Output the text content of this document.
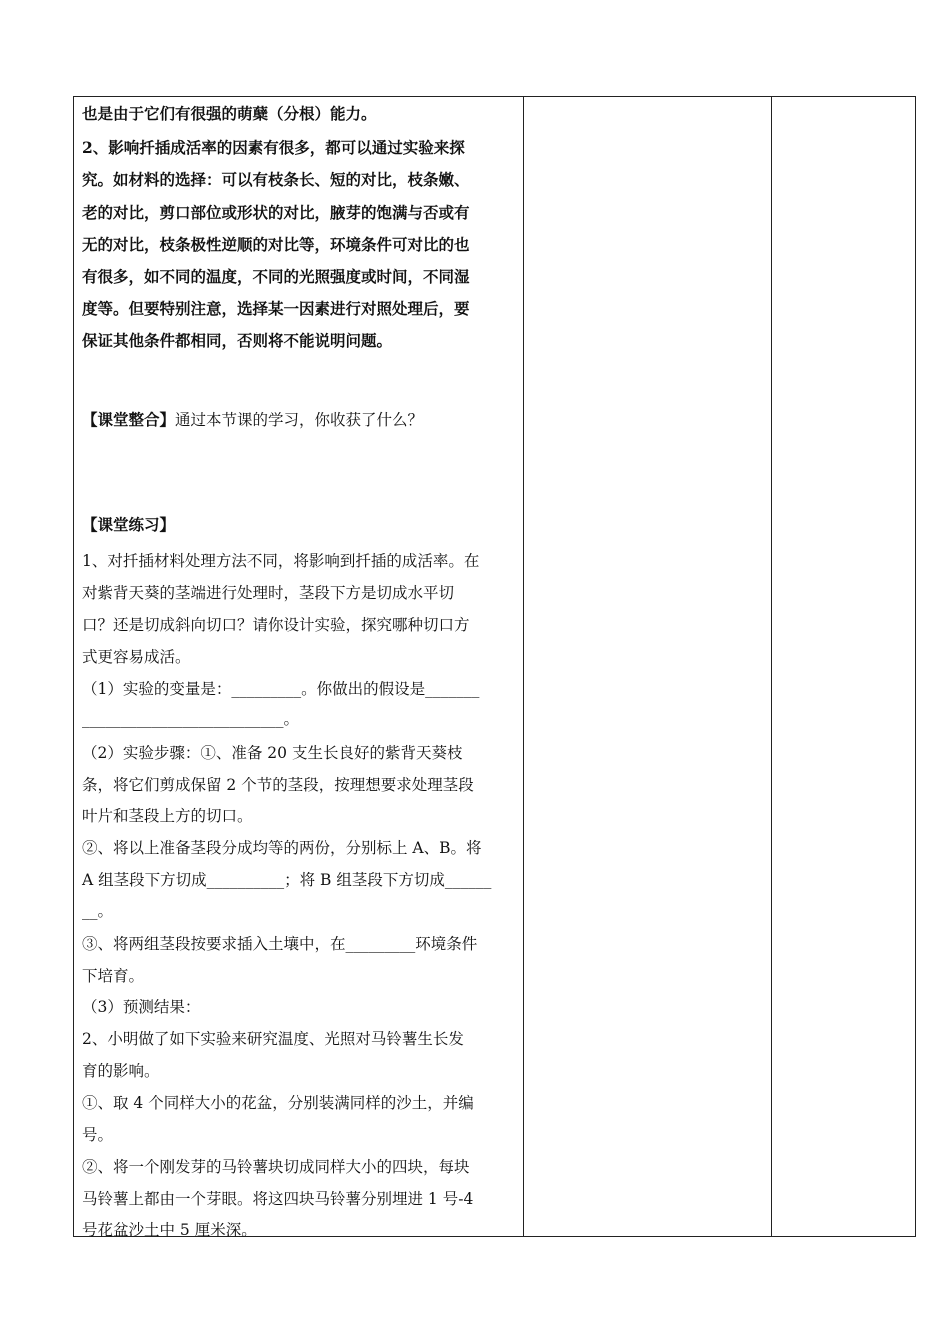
也是由于它们有很强的萌蘖（分根）能力。
2、影响扦插成活率的因素有很多，都可以通过实验来探
究。如材料的选择：可以有枝条长、短的对比，枝条嫩、
老的对比，剪口部位或形状的对比，腋芽的饱满与否或有
无的对比，枝条极性逆顺的对比等，环境条件可对比的也
有很多，如不同的温度，不同的光照强度或时间，不同湿
度等。但要特别注意，选择某一因素进行对照处理后，要
保证其他条件都相同，否则将不能说明问题。
【课堂整合】通过本节课的学习，你收获了什么？
【课堂练习】
1、对扦插材料处理方法不同，将影响到扦插的成活率。在
对紫背天葵的茎端进行处理时，茎段下方是切成水平切
口？还是切成斜向切口？请你设计实验，探究哪种切口方
式更容易成活。
（1）实验的变量是：_________。你做出的假设是_______
__________________________。
（2）实验步骤：①、准备 20 支生长良好的紫背天葵枝
条，将它们剪成保留 2 个节的茎段，按理想要求处理茎段
叶片和茎段上方的切口。
②、将以上准备茎段分成均等的两份，分别标上 A、B。将
A 组茎段下方切成__________；将 B 组茎段下方切成______
__。
③、将两组茎段按要求插入土壤中，在_________环境条件
下培育。
（3）预测结果：
2、小明做了如下实验来研究温度、光照对马铃薯生长发
育的影响。
①、取 4 个同样大小的花盆，分别装满同样的沙土，并编
号。
②、将一个刚发芽的马铃薯块切成同样大小的四块，每块
马铃薯上都由一个芽眼。将这四块马铃薯分别埋进 1 号-4
号花盆沙土中 5 厘米深。
